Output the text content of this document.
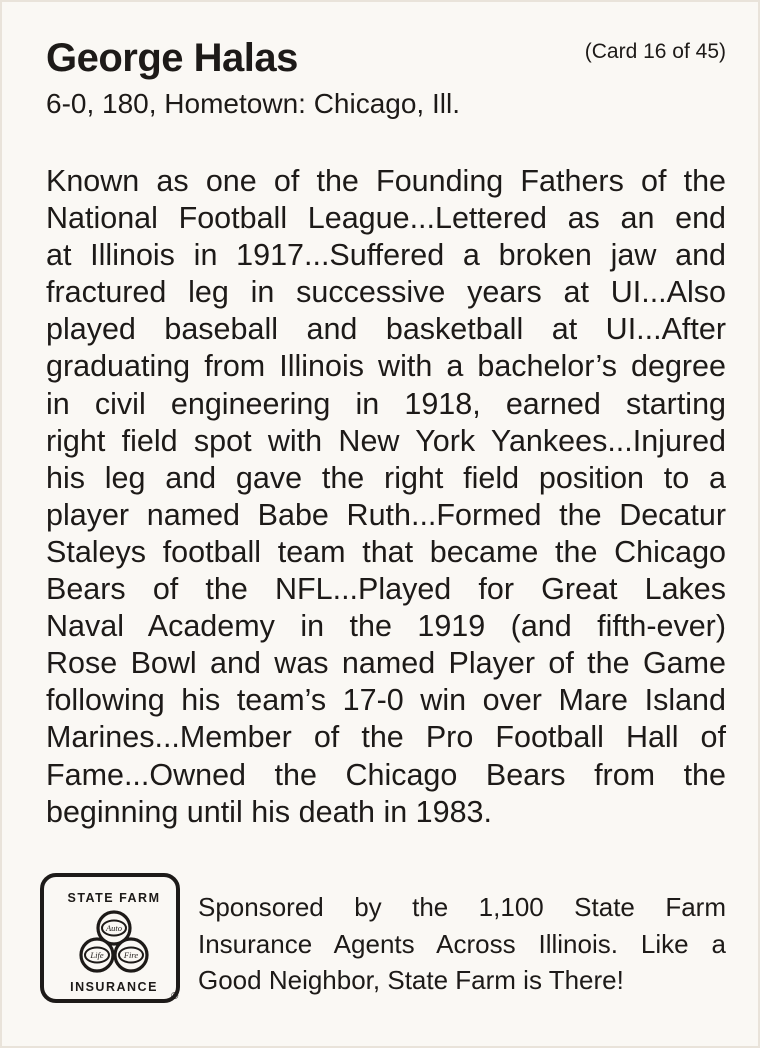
George Halas	(Card 16 of 45)
6-0, 180, Hometown: Chicago, Ill.
Known as one of the Founding Fathers of the
National Football League...Lettered as an end
at Illinois in 1917...Suffered a broken jaw and
fractured leg in successive years at UI...Also
played baseball and basketball at UI...After
graduating from Illinois with a bachelor’s degree
in civil engineering in 1918, earned starting
right field spot with New York Yankees...Injured
his leg and gave the right field position to a
player named Babe Ruth...Formed the Decatur
Staleys football team that became the Chicago
Bears of the NFL...Played for Great Lakes
Naval Academy in the 1919 (and fifth-ever)
Rose Bowl and was named Player of the Game
following his team’s 17-0 win over Mare Island
Marines...Member of the Pro Football Hall of
Fame...Owned the Chicago Bears from the
beginning until his death in 1983.
STATE FARM
Auto
Life Fire
INSURANCE
®
Sponsored by the 1,100 State Farm
Insurance Agents Across Illinois. Like a
Good Neighbor, State Farm is There!
